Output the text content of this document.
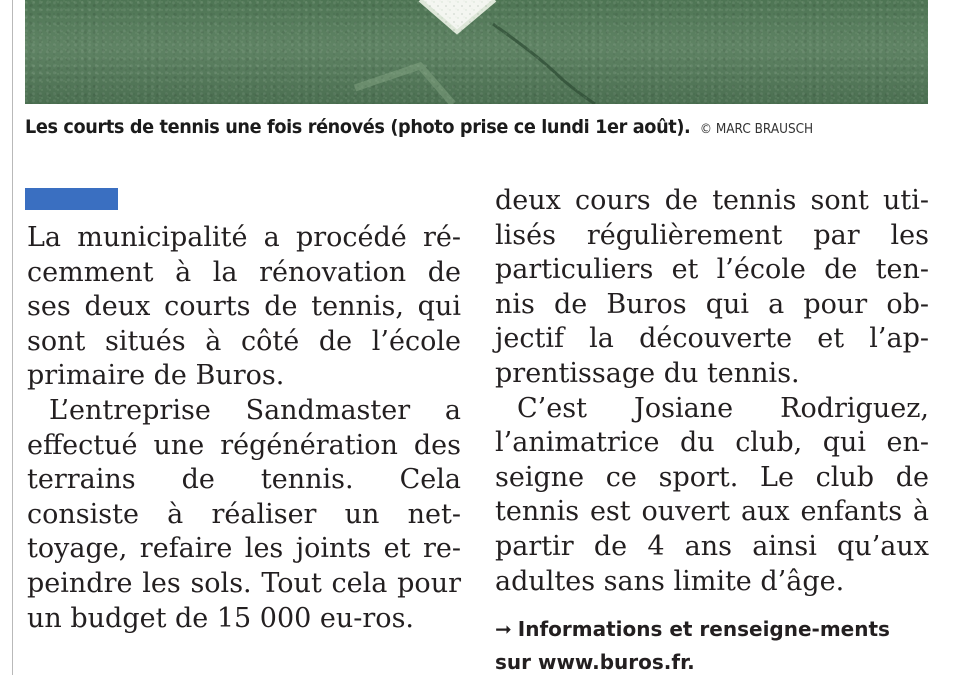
Les courts de tennis une fois rénovés (photo prise ce lundi 1er août). © MARC BRAUSCH

La municipalité a procédé ré-cemment à la rénovation de ses deux courts de tennis, qui sont situés à côté de l’école primaire de Buros.

L’entreprise Sandmaster a effectué une régénération des terrains de tennis. Cela consiste à réaliser un net-toyage, refaire les joints et re-peindre les sols. Tout cela pour un budget de 15 000 eu-ros.

deux cours de tennis sont uti-lisés régulièrement par les particuliers et l’école de ten-nis de Buros qui a pour ob-jectif la découverte et l’ap-prentissage du tennis.

C’est Josiane Rodriguez, l’animatrice du club, qui en-seigne ce sport. Le club de tennis est ouvert aux enfants à partir de 4 ans ainsi qu’aux adultes sans limite d’âge.

➞ Informations et renseigne-ments sur www.buros.fr.
